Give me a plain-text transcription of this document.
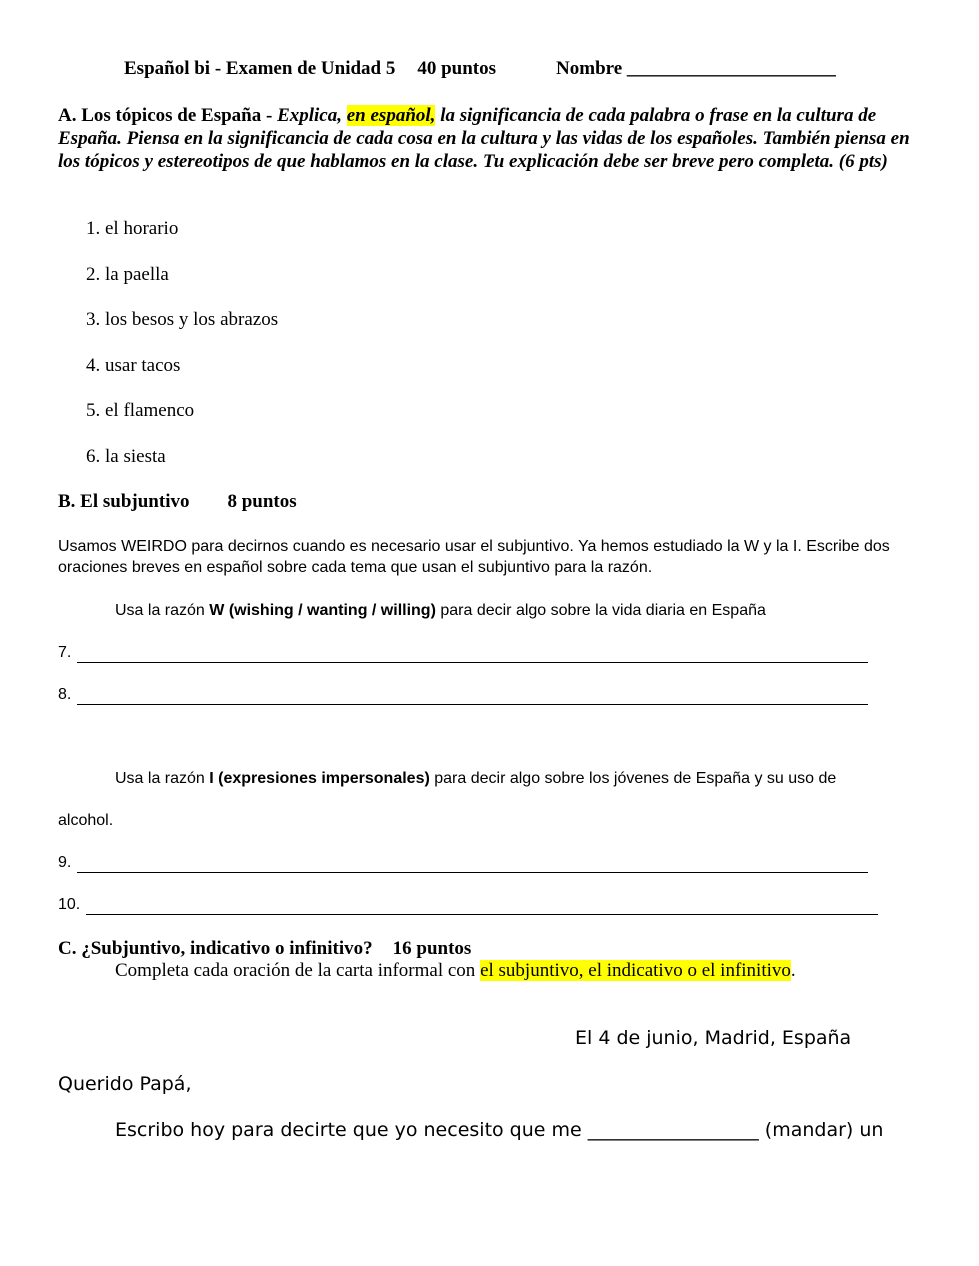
Español bi - Examen de Unidad 5 40 puntos	Nombre ______________________
A. Los tópicos de España - Explica, en español, la significancia de cada palabra o frase en la cultura de España. Piensa en la significancia de cada cosa en la cultura y las vidas de los españoles. También piensa en los tópicos y estereotipos de que hablamos en la clase. Tu explicación debe ser breve pero completa. (6 pts)
1. el horario
2. la paella
3. los besos y los abrazos
4. usar tacos
5. el flamenco
6. la siesta
B. El subjuntivo 8 puntos
Usamos WEIRDO para decirnos cuando es necesario usar el subjuntivo. Ya hemos estudiado la W y la I. Escribe dos oraciones breves en español sobre cada tema que usan el subjuntivo para la razón.
Usa la razón W (wishing / wanting / willing) para decir algo sobre la vida diaria en España
7.
8.
Usa la razón I (expresiones impersonales) para decir algo sobre los jóvenes de España y su uso de
alcohol.
9.
10.
C. ¿Subjuntivo, indicativo o infinitivo? 16 puntos
Completa cada oración de la carta informal con el subjuntivo, el indicativo o el infinitivo.
El 4 de junio, Madrid, España
Querido Papá,
Escribo hoy para decirte que yo necesito que me __________________ (mandar) un
